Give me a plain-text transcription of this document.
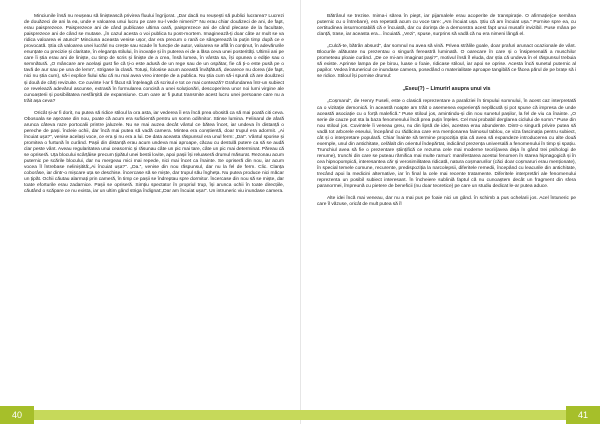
Minciunile însă nu reușeau să liniștească privirea fluului îngrijorat. „Dar dacă nu reușești să publici lucrarea? Lucrezi de douăzeci de ani la ea, unde e valoarea unui lucru pe care nu-l vede nimeni?” Nu erau chiar douăzeci de ani, de fapt, erau paisprezece. Paisprezece ani de când publicase ultima oară, paisprezece ani de când plecase de la facultate, paisprezece ani de când se mutase. „în cazul acesta o voi publica tu post-mortem. Imaginează-ți doar câte ar mult se va ridica valoarea ei atunci!” Minciuna aceasta venise ușor, dar era precum o rană ce sângerează la puțin timp după ce e provocată. Știa că valoarea unei lucrări nu crește sau scade în funcție de autor, valoarea se află în conținut, în adevărurile enunțate cu precizie și claritate, în eleganța stilului, în inovație și în puterea ei de a lăsa ceva unei posterități. Ultimii ani pe care îi știa erau ani de liniște, cu timp de scris și liniște de a crea, însă lumea, în vârsta sa, își opunea o ediție sau o semnătură. „O mâncare are același gust fie că ți-o este adusă de un rege sau de un ospătar, fie că ți-o este pusă pe o tavă de aur sau pe una de lemn”, strigase la clasă. Totuși, folosise acum această învățătură, deoarece nu dorea (de fapt, nici nu știa cum), să-i explice fiului său că nu mai avea vreo intenție de a publica. Nu știa cum să-i spună că are douăzeci și două de cărți revizuite. Ce cuvinte l-ar fi făcut să înțeleagă că scrisul e tot ce mai contează? Grafundarea într-un subiect ce revelează adevărul ascunse, extrasă în formularea concisă a unei soluționări, descoperirea unor noi lumi virgine ale cunoașterii și posibilitatea nesfârșită de expansiune. Cum oare ar fi putut transmite acest lucru unei persoane care nu a trăit așa ceva?

Oricât și-ar fi dorit, nu putea să ridice stiloul la ora asta, iar vederea îi era încă prea obosită ca să mai poată citi ceva. Obosoala se așezase din nou, poate că acum era suficientă pentru un somn odihnitor. Stinse lumina. Felinarul de afară arunca câteva raze portocalii printre jaluzele. Nu se mai auzea decât vântul ce bătea încet, iar undeva în distanță o pereche de pași. încleie ochii, dar încă mai putea să vadă camera. Mintea era conștientă, doar trupul era adormit. „Ai încuiat ușa?”, venise același voce, ce era și nu era a lui. De data aceasta răspunsul era unul ferm: „Da!”. Vântul sporise și promitea o furtună în curând. Pașii din distanță erau acum undeva mai aproape, căcau cu destulă putere ca să se audă clar peste vânt. Aveau regularitatea unui ceasornic și răsunau câte un pic mai tare, câte un pic mai determinat. Păreau că se opriseră. Uța blocului scârțâise precum țipătul unei bestii lovite, apoi pașii își reluaseră drumul măsurat. Rezonau acum puternic pe scările blocului, dar nu mergeau mici mai repede, nici mai încet ca înainte. Se opriseră din nou, iar acum vocea îl întrebase nelinișitită:„Ai încuiat ușa?”. „Da.”, venise din nou răspunsul, dar nu la fel de ferm. Clic. Clanța coborâse, iar dintr-o mișcare uța se deschise. încercase să se miște, dar trupul său îngheța. Nu putea produce nici măcar un țipăt. Ochii căutau alarmați prin cameră, în timp ce pașii se îndreptau spre dormitor. încercase din nou să se miște, dar toate eforturile erau zadarnice. Pașii se opriseră. Simțiu spectator în propriul trup, își arunca ochii în toate direcțiile, căutând o scăpare ce nu exista, iar un ultim gând striga îndignat:„Dar am încuiat ușa!”. Un intruneric viu inundase camera.

Bătrânul se trezise. Inima-i sărea în piept, iar pijamalele erau acoperite de transpirație. O afirmație(ce semăna puternic cu o întrebare), era repetată acum cu voce tare: „Am încuiat ușa. Știu că am încuiat ușa.” Pornise spre ea, cu certitudinea insurmontabilă că e încuiată, dar cu dorința de a demonstra acest fapt unui musafir invizibil. Puse mâna pe clanță, trase, iar aceasta era... încuiată. „Vezi”, spuse, surprins să vadă că nu era nimeni lângă el.

„Culcă-te, bătrân absurd”, dar somnul nu avea să vină. Privea strălile goale, doar prafuri arunact ocazionale de vânt. Blocurile alăturate nu prezentau o singură fereastră luminată. O oarecare în care și o însipenenală a muschilor prometeau ploaie curând. „De ce mi-am imaginat pași?”, motivul însă îl eluda, dar știa că undeva în el răspunsul trebuia să existe. Aprinse lampa de pe birou, luase o foaie, ridicase stiloul, iar apoi se oprise. Acesta încă sunetul puternic al papilor. Vedea întunericul ce inundase camera, posedând o materialitate aproape tangibilă ce făcea părul de pe brațe să i se ridice. Stiloul își pornise drumul:

„Eseu(?) – Limurirl asupra unui vis

„Coșmarul”, de Henry Fuseli, este o clasică reprezentare a paraliziei în timpului somnului, în acest caz interpretată ca o vizitație demonică. în această noapte am trăit o asemenea experiență neplăcută și pot spune că impresa de unde această asociație cu o forță malefică.” Puse stiloul jos, amintindu-și din nou sunetul pașilor, la fel de viu ca înainte. „O serie de cauze pot sta la baza fenomenului încă prea puțin înțeles. Cel mai probabil derglarea ciclului de somn.” Puse din nou stiloul jos. Cuvintele îi veneau greu, nu din lipsă de idei, acestea erau abundente. Dintr-o singură privire putea să vadă tot arborele eseului, începând cu rădăcina care era menționarea faimosul tablou, ce viza fascinația pentru subiect, cât și o interpretare populară. Chiar înainte să termine propoziția știa că avea să expandeze introducerea cu alte două exemple, unul din antichitate, celălalt din orientul îndepărtat, indicând prezența universală a fenomenului în timp și spațiu. Trunchiul avea să fie o prezentare științifică ce rezuma cele mai moderne teorii(avea deja în gând trei psihologi de renume), trunchi din care se puteau rămifica mai multe ramuri: manifestarea acestui fenomen în starea hipnagogică și în cea hipnopompică, interesantea căr și verosimilitatea ridicată, natura coșmarurilor (căci doar coșmaruri erau menționate), în special temele comune, recurente, predispoziția la narcolepsii, diferitele remedii, începând cu leacurile din antichitate, trecând apoi la medicini alternative, iar în final la cele mai recente tratamente. Diferitele interpretări ale fenomenului reprezenta un posibil subiect interesant. în încheiere subliniă faptul că nu cunoaștem decât un fragment din sfera paranormei, împreună cu pietere de beneficii (nu doar teoretice) pe care un studiu dedicat le-ar putea aduce.

Alte idei încă mai veneau, dar nu a mai pus pe foaie nici un gând. în schimb a pus ochelarii jos. Acel întuneric pe care îl văzuse, oricât de mult putea să îl

40	41
